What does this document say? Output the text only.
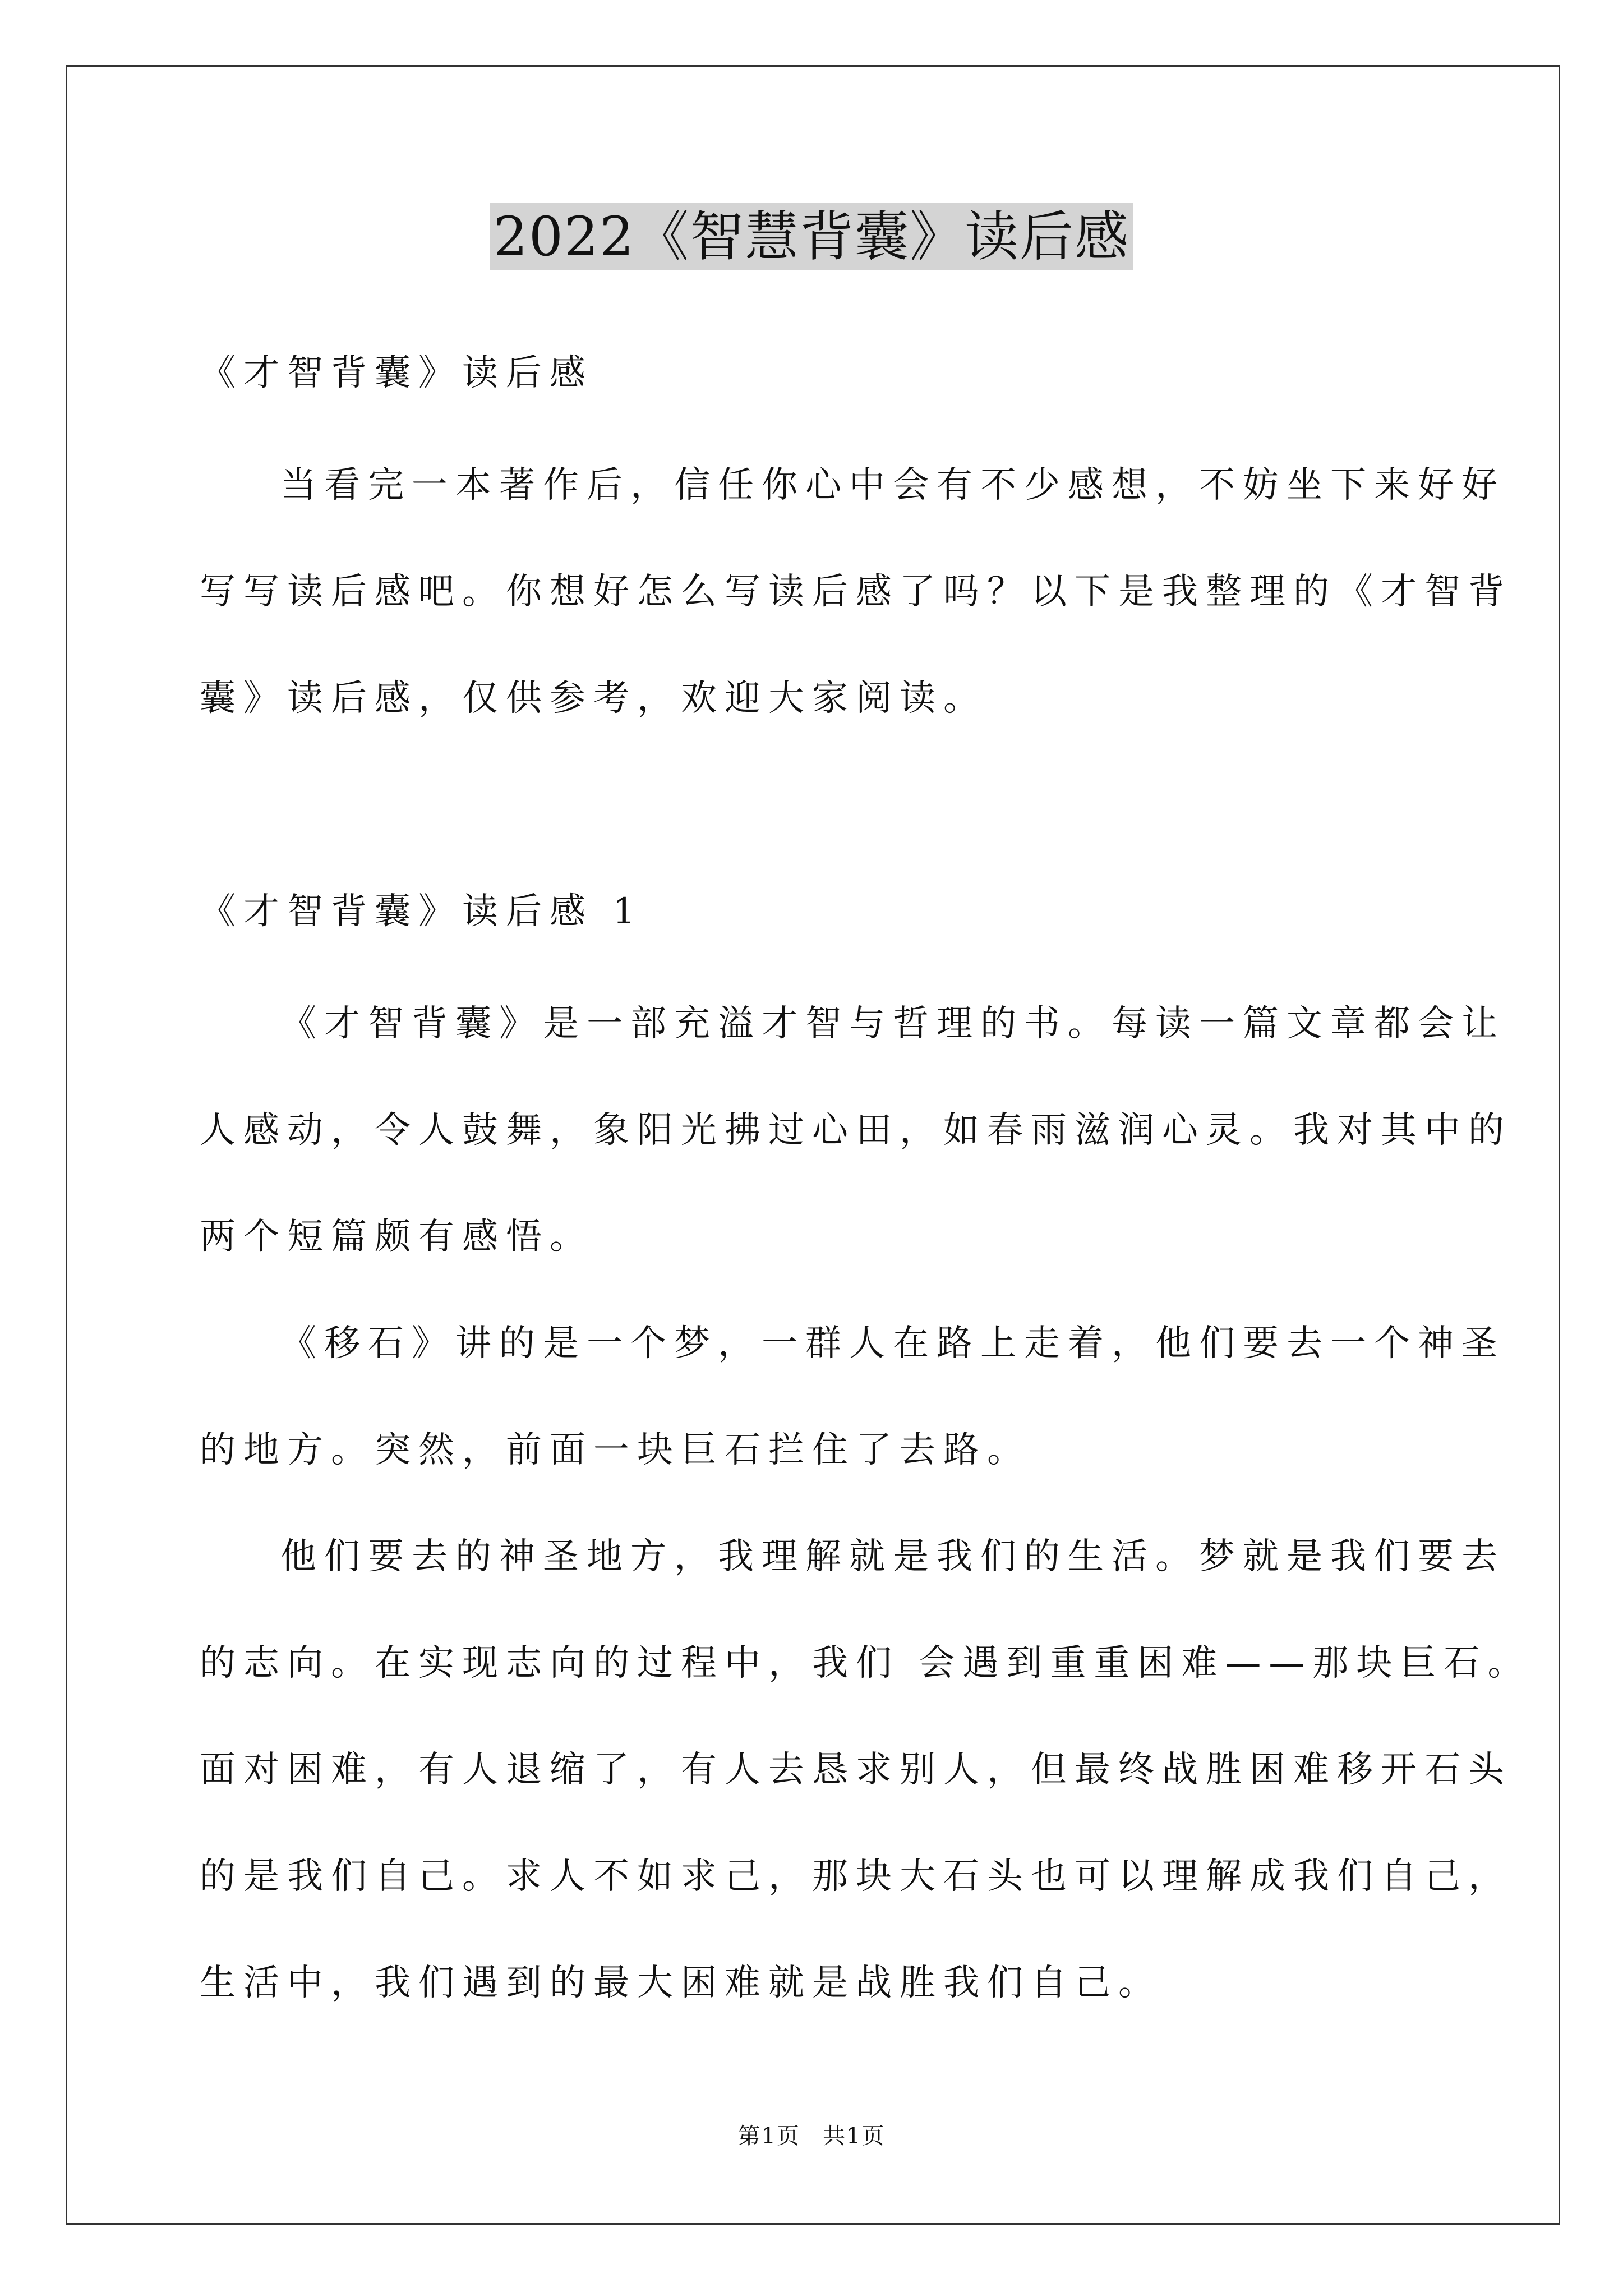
2022《智慧背囊》读后感
《才智背囊》读后感
当看完一本著作后，信任你心中会有不少感想，不妨坐下来好好
写写读后感吧。你想好怎么写读后感了吗？以下是我整理的《才智背
囊》读后感，仅供参考，欢迎大家阅读。
《才智背囊》读后感 1
《才智背囊》是一部充溢才智与哲理的书。每读一篇文章都会让
人感动，令人鼓舞，象阳光拂过心田，如春雨滋润心灵。我对其中的
两个短篇颇有感悟。
《移石》讲的是一个梦，一群人在路上走着，他们要去一个神圣
的地方。突然，前面一块巨石拦住了去路。
他们要去的神圣地方，我理解就是我们的生活。梦就是我们要去
的志向。在实现志向的过程中，我们 会遇到重重困难——那块巨石。
面对困难，有人退缩了，有人去恳求别人，但最终战胜困难移开石头
的是我们自己。求人不如求己，那块大石头也可以理解成我们自己，
生活中，我们遇到的最大困难就是战胜我们自己。
第1页 共1页
